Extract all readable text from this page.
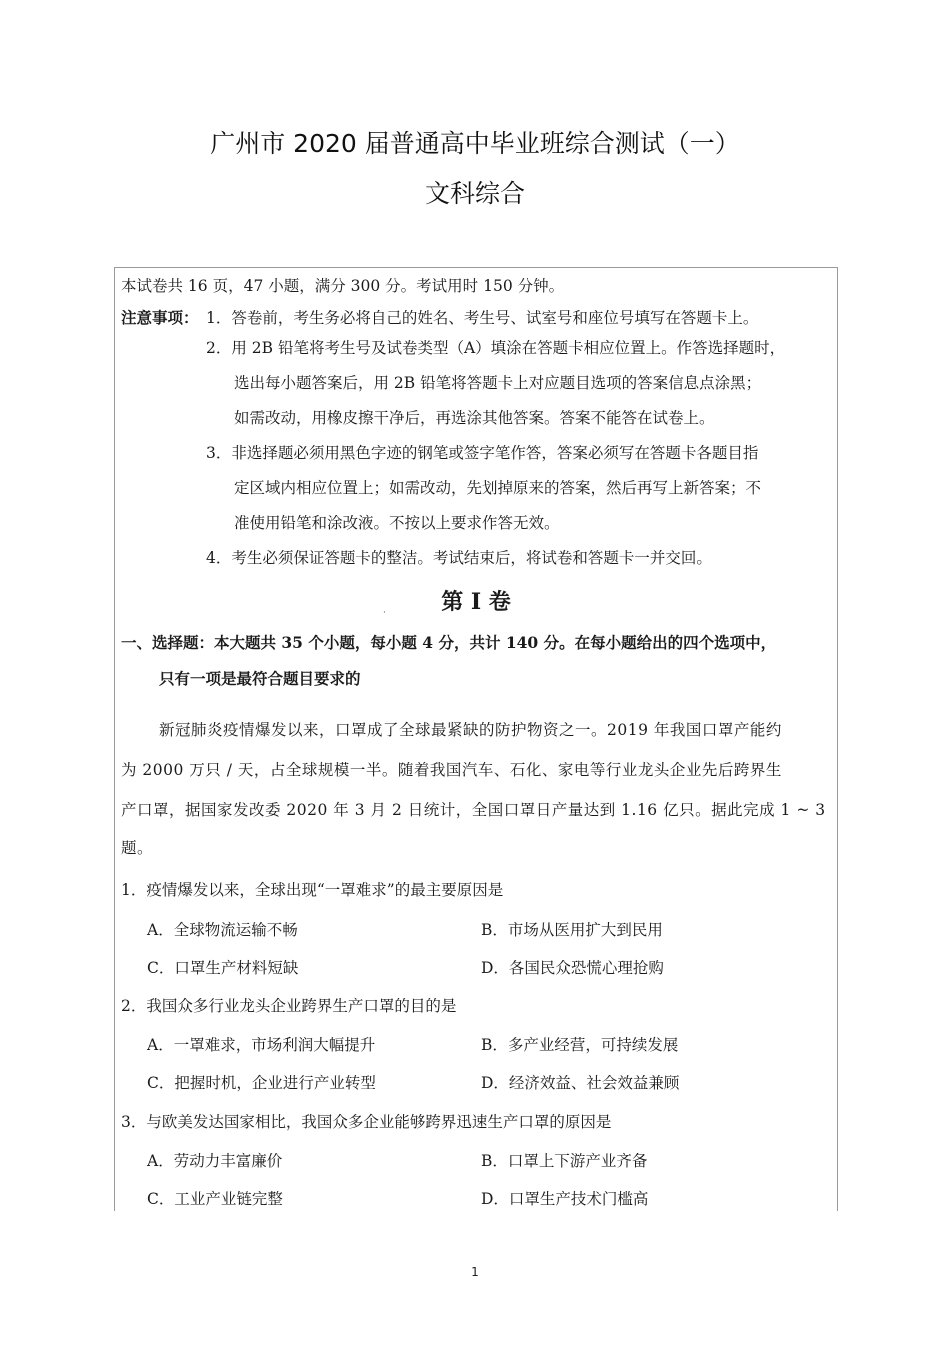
广州市 2020 届普通高中毕业班综合测试（一）
文科综合
本试卷共 16 页，47 小题，满分 300 分。考试用时 150 分钟。
注意事项： 1．答卷前，考生务必将自己的姓名、考生号、试室号和座位号填写在答题卡上。
2．用 2B 铅笔将考生号及试卷类型（A）填涂在答题卡相应位置上。作答选择题时，
选出每小题答案后，用 2B 铅笔将答题卡上对应题目选项的答案信息点涂黑；
如需改动，用橡皮擦干净后，再选涂其他答案。答案不能答在试卷上。
3．非选择题必须用黑色字迹的钢笔或签字笔作答，答案必须写在答题卡各题目指
定区域内相应位置上；如需改动，先划掉原来的答案，然后再写上新答案；不
准使用铅笔和涂改液。不按以上要求作答无效。
4．考生必须保证答题卡的整洁。考试结束后，将试卷和答题卡一并交回。
第 I 卷
·
一、选择题：本大题共 35 个小题，每小题 4 分，共计 140 分。在每小题给出的四个选项中，
只有一项是最符合题目要求的
新冠肺炎疫情爆发以来，口罩成了全球最紧缺的防护物资之一。2019 年我国口罩产能约
为 2000 万只 / 天，占全球规模一半。随着我国汽车、石化、家电等行业龙头企业先后跨界生
产口罩，据国家发改委 2020 年 3 月 2 日统计，全国口罩日产量达到 1.16 亿只。据此完成 1 ~ 3
题。
1．疫情爆发以来，全球出现“一罩难求”的最主要原因是
A．全球物流运输不畅	B．市场从医用扩大到民用
C．口罩生产材料短缺	D．各国民众恐慌心理抢购
2．我国众多行业龙头企业跨界生产口罩的目的是
A．一罩难求，市场利润大幅提升	B．多产业经营，可持续发展
C．把握时机，企业进行产业转型	D．经济效益、社会效益兼顾
3．与欧美发达国家相比，我国众多企业能够跨界迅速生产口罩的原因是
A．劳动力丰富廉价	B．口罩上下游产业齐备
C．工业产业链完整	D．口罩生产技术门槛高
1
